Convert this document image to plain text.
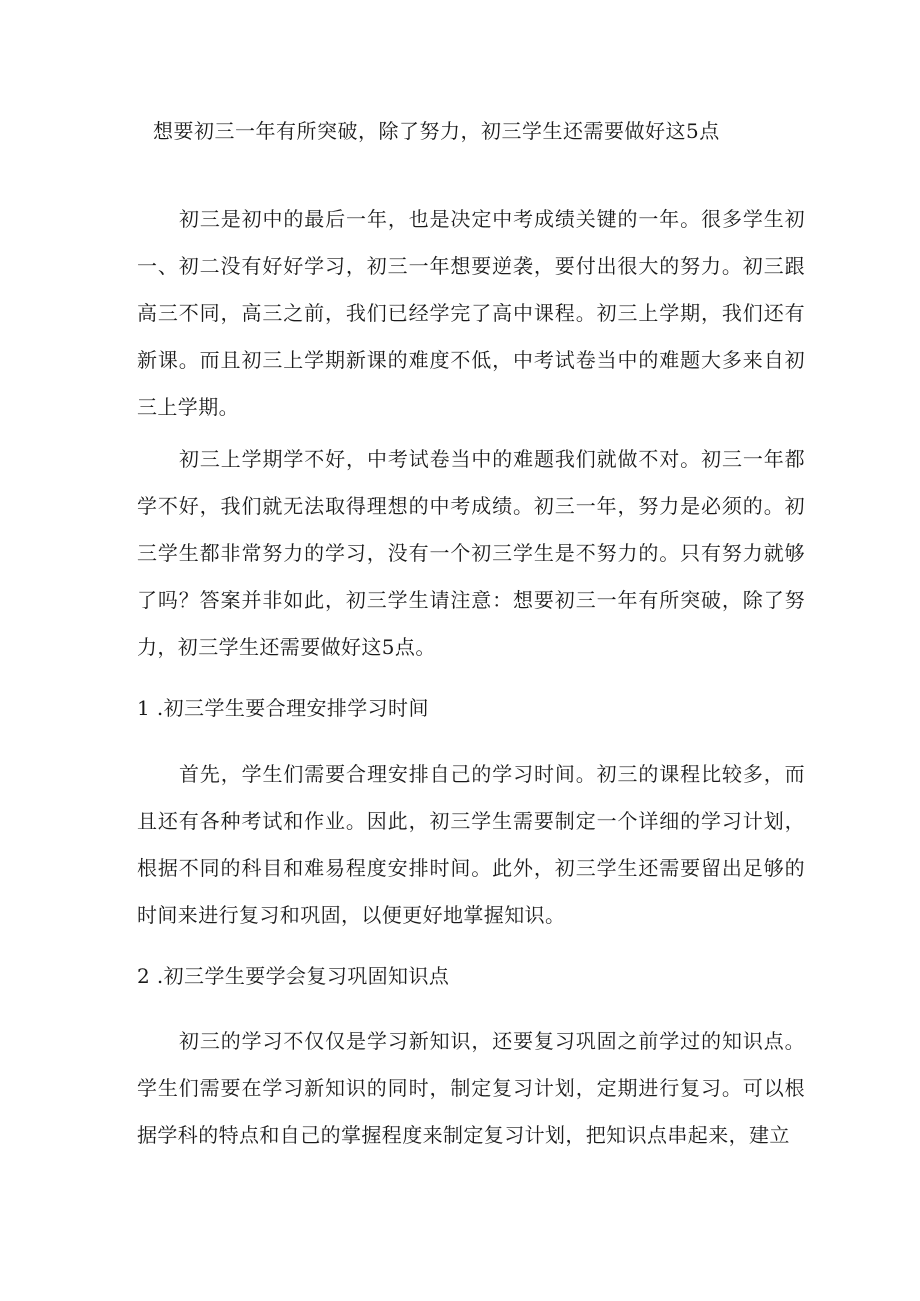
想要初三一年有所突破，除了努力，初三学生还需要做好这5点
初三是初中的最后一年，也是决定中考成绩关键的一年。很多学生初一、初二没有好好学习，初三一年想要逆袭，要付出很大的努力。初三跟高三不同，高三之前，我们已经学完了高中课程。初三上学期，我们还有新课。而且初三上学期新课的难度不低，中考试卷当中的难题大多来自初三上学期。
初三上学期学不好，中考试卷当中的难题我们就做不对。初三一年都学不好，我们就无法取得理想的中考成绩。初三一年，努力是必须的。初三学生都非常努力的学习，没有一个初三学生是不努力的。只有努力就够了吗？答案并非如此，初三学生请注意：想要初三一年有所突破，除了努力，初三学生还需要做好这5点。
1 .初三学生要合理安排学习时间
首先，学生们需要合理安排自己的学习时间。初三的课程比较多，而且还有各种考试和作业。因此，初三学生需要制定一个详细的学习计划，根据不同的科目和难易程度安排时间。此外，初三学生还需要留出足够的时间来进行复习和巩固，以便更好地掌握知识。
2 .初三学生要学会复习巩固知识点
初三的学习不仅仅是学习新知识，还要复习巩固之前学过的知识点。学生们需要在学习新知识的同时，制定复习计划，定期进行复习。可以根据学科的特点和自己的掌握程度来制定复习计划，把知识点串起来，建立
